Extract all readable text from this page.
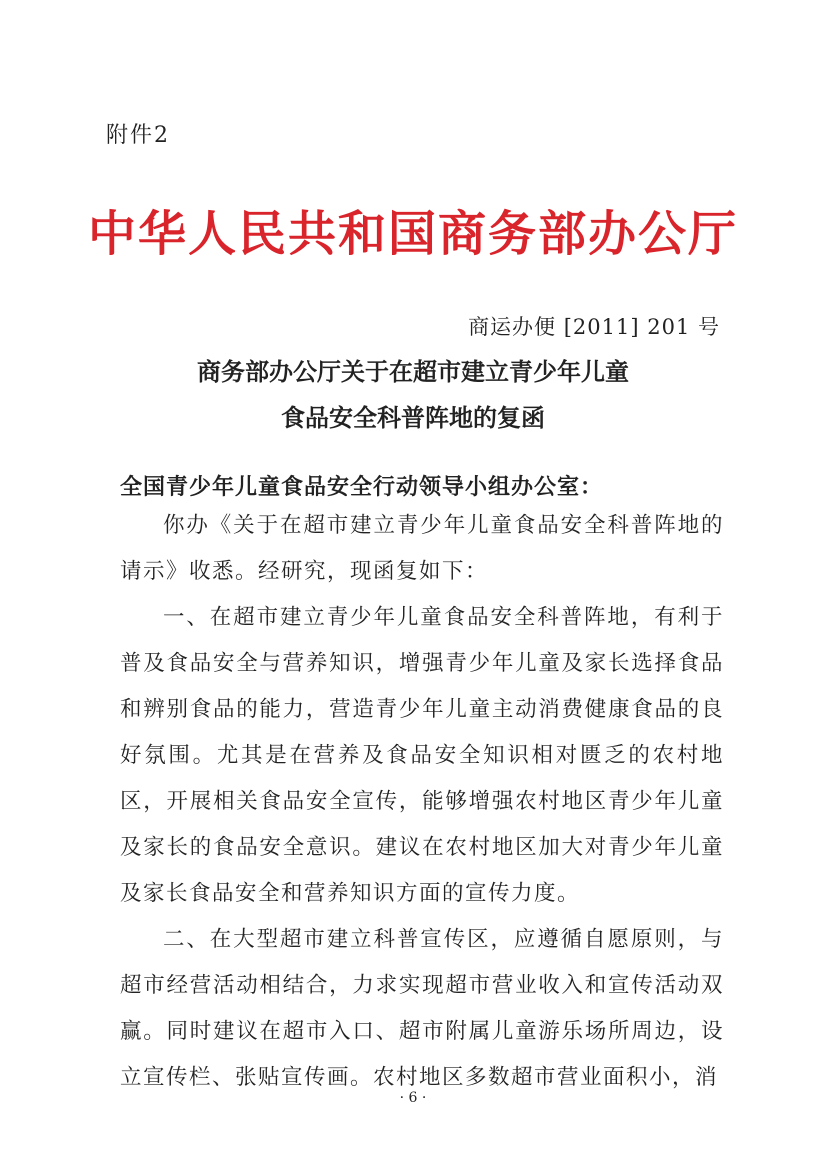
附件2
中华人民共和国商务部办公厅
商运办便 [2011] 201 号
商务部办公厅关于在超市建立青少年儿童
食品安全科普阵地的复函
全国青少年儿童食品安全行动领导小组办公室：

你办《关于在超市建立青少年儿童食品安全科普阵地的请示》收悉。经研究，现函复如下：

一、在超市建立青少年儿童食品安全科普阵地，有利于普及食品安全与营养知识，增强青少年儿童及家长选择食品和辨别食品的能力，营造青少年儿童主动消费健康食品的良好氛围。尤其是在营养及食品安全知识相对匮乏的农村地区，开展相关食品安全宣传，能够增强农村地区青少年儿童及家长的食品安全意识。建议在农村地区加大对青少年儿童及家长食品安全和营养知识方面的宣传力度。

二、在大型超市建立科普宣传区，应遵循自愿原则，与超市经营活动相结合，力求实现超市营业收入和宣传活动双赢。同时建议在超市入口、超市附属儿童游乐场所周边，设立宣传栏、张贴宣传画。农村地区多数超市营业面积小，消

· 6 ·
